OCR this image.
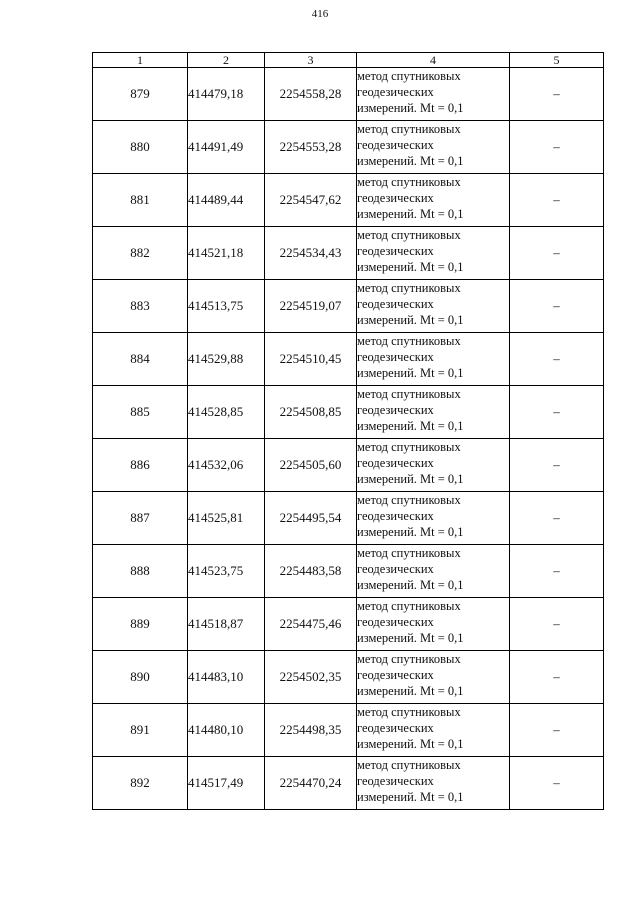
416
1	2	3	4	5
879	414479,18	2254558,28	метод спутниковых
геодезических
измерений. Mt = 0,1	–
880	414491,49	2254553,28	метод спутниковых
геодезических
измерений. Mt = 0,1	–
881	414489,44	2254547,62	метод спутниковых
геодезических
измерений. Mt = 0,1	–
882	414521,18	2254534,43	метод спутниковых
геодезических
измерений. Mt = 0,1	–
883	414513,75	2254519,07	метод спутниковых
геодезических
измерений. Mt = 0,1	–
884	414529,88	2254510,45	метод спутниковых
геодезических
измерений. Mt = 0,1	–
885	414528,85	2254508,85	метод спутниковых
геодезических
измерений. Mt = 0,1	–
886	414532,06	2254505,60	метод спутниковых
геодезических
измерений. Mt = 0,1	–
887	414525,81	2254495,54	метод спутниковых
геодезических
измерений. Mt = 0,1	–
888	414523,75	2254483,58	метод спутниковых
геодезических
измерений. Mt = 0,1	–
889	414518,87	2254475,46	метод спутниковых
геодезических
измерений. Mt = 0,1	–
890	414483,10	2254502,35	метод спутниковых
геодезических
измерений. Mt = 0,1	–
891	414480,10	2254498,35	метод спутниковых
геодезических
измерений. Mt = 0,1	–
892	414517,49	2254470,24	метод спутниковых
геодезических
измерений. Mt = 0,1	–
